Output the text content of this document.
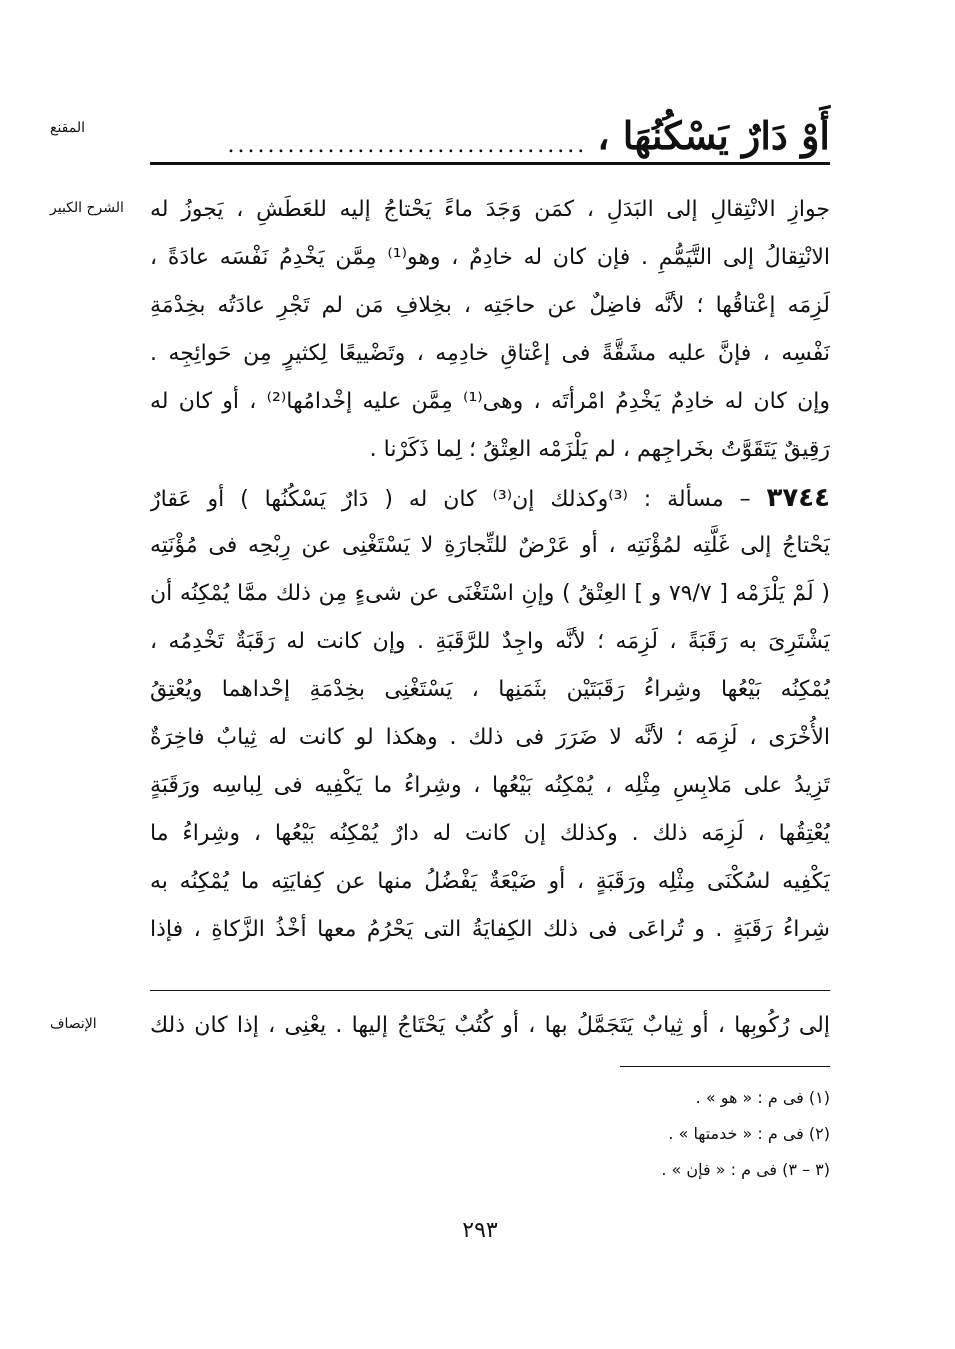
المقنع	أَوْ دَارٌ يَسْكُنُهَا ،
....................................
الشرح الكبير	جوازِ الانْتِقالِ إلى البَدَلِ ، كمَن وَجَدَ ماءً يَحْتاجُ إليه للعَطَشِ ، يَجوزُ له
الانْتِقالُ إلى التَّيَمُّمِ . فإن كان له خادِمٌ ، وهو⁽¹⁾ مِمَّن يَخْدِمُ نَفْسَه عادَةً ،
لَزِمَه إعْتاقُها ؛ لأنَّه فاضِلٌ عن حاجَتِه ، بخِلافِ مَن لم تَجْرِ عادَتُه بخِدْمَةِ
نَفْسِه ، فإنَّ عليه مشَقَّةً فى إعْتاقِ خادِمِه ، وتَضْييعًا لِكثيرٍ مِن حَوائِجِه .
وإن كان له خادِمٌ يَخْدِمُ امْرأتَه ، وهى⁽¹⁾ مِمَّن عليه إخْدامُها⁽²⁾ ، أو كان له
رَقِيقٌ يَتَقَوَّتُ بخَراجِهم ، لم يَلْزَمْه العِتْقُ ؛ لِما ذَكَرْنا .
٣٧٤٤ – مسألة : ⁽³⁾وكذلك إن⁽³⁾ كان له ( دَارٌ يَسْكُنُها ) أو عَقارٌ
يَحْتاجُ إلى غَلَّتِه لمُؤْنَتِه ، أو عَرْضٌ للتِّجارَةِ لا يَسْتَغْنِى عن رِبْحِه فى مُؤْنَتِه
( لَمْ يَلْزَمْه [ ٧٩/٧ و ] العِتْقُ ) وإنِ اسْتَغْنَى عن شىءٍ مِن ذلك ممَّا يُمْكِنُه أن
يَشْتَرِىَ به رَقَبَةً ، لَزِمَه ؛ لأنَّه واجِدٌ للرَّقَبَةِ . وإن كانت له رَقَبَةٌ تَخْدِمُه ،
يُمْكِنُه بَيْعُها وشِراءُ رَقَبَتَيْن بثَمَنِها ، يَسْتَغْنِى بخِدْمَةِ إحْداهما ويُعْتِقُ
الأُخْرَى ، لَزِمَه ؛ لأنَّه لا ضَرَرَ فى ذلك . وهكذا لو كانت له ثِيابٌ فاخِرَةٌ
تَزِيدُ على مَلابِسِ مِثْلِه ، يُمْكِنُه بَيْعُها ، وشِراءُ ما يَكْفِيه فى لِباسِه ورَقَبَةٍ
يُعْتِقُها ، لَزِمَه ذلك . وكذلك إن كانت له دارٌ يُمْكِنُه بَيْعُها ، وشِراءُ ما
يَكْفِيه لسُكْنَى مِثْلِه ورَقَبَةٍ ، أو ضَيْعَةٌ يَفْضُلُ منها عن كِفايَتِه ما يُمْكِنُه به
شِراءُ رَقَبَةٍ . و تُراعَى فى ذلك الكِفايَةُ التى يَحْرُمُ معها أخْذُ الزَّكاةِ ، فإذا
الإنصاف	إلى رُكُوبِها ، أو ثِيابٌ يَتَجَمَّلُ بها ، أو كُتُبٌ يَحْتَاجُ إليها . يعْنِى ، إذا كان ذلك
(١) فى م : « هو » .
(٢) فى م : « خدمتها » .
(٣ – ٣) فى م : « فإن » .
٢٩٣
